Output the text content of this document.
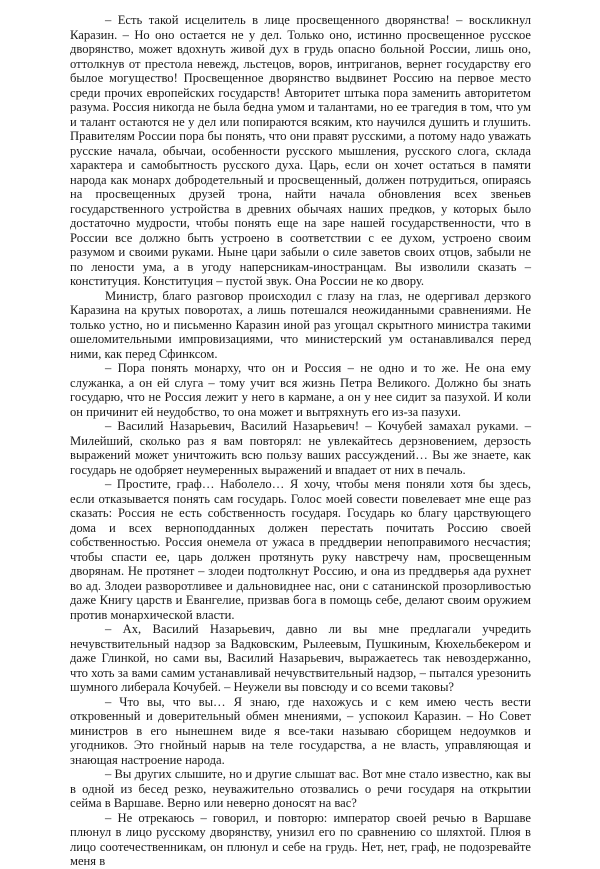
– Есть такой исцелитель в лице просвещенного дворянства! – воскликнул Каразин. – Но оно остается не у дел. Только оно, истинно просвещенное русское дворянство, может вдохнуть живой дух в грудь опасно больной России, лишь оно, оттолкнув от престола невежд, льстецов, воров, интриганов, вернет государству его былое могущество! Просвещенное дворянство выдвинет Россию на первое место среди прочих европейских государств! Авторитет штыка пора заменить авторитетом разума. Россия никогда не была бедна умом и талантами, но ее трагедия в том, что ум и талант остаются не у дел или попираются всяким, кто научился душить и глушить. Правителям России пора бы понять, что они правят русскими, а потому надо уважать русские начала, обычаи, особенности русского мышления, русского слога, склада характера и самобытность русского духа. Царь, если он хочет остаться в памяти народа как монарх добродетельный и просвещенный, должен потрудиться, опираясь на просвещенных друзей трона, найти начала обновления всех звеньев государственного устройства в древних обычаях наших предков, у которых было достаточно мудрости, чтобы понять еще на заре нашей государственности, что в России все должно быть устроено в соответствии с ее духом, устроено своим разумом и своими руками. Ныне цари забыли о силе заветов своих отцов, забыли не по лености ума, а в угоду наперсникам-иностранцам. Вы изволили сказать – конституция. Конституция – пустой звук. Она России не ко двору.

Министр, благо разговор происходил с глазу на глаз, не одергивал дерзкого Каразина на крутых поворотах, а лишь потешался неожиданными сравнениями. Не только устно, но и письменно Каразин иной раз угощал скрытного министра такими ошеломительными импровизациями, что министерский ум останавливался перед ними, как перед Сфинксом.

– Пора понять монарху, что он и Россия – не одно и то же. Не она ему служанка, а он ей слуга – тому учит вся жизнь Петра Великого. Должно бы знать государю, что не Россия лежит у него в кармане, а он у нее сидит за пазухой. И коли он причинит ей неудобство, то она может и вытряхнуть его из-за пазухи.

– Василий Назарьевич, Василий Назарьевич! – Кочубей замахал руками. – Милейший, сколько раз я вам повторял: не увлекайтесь дерзновением, дерзость выражений может уничтожить всю пользу ваших рассуждений… Вы же знаете, как государь не одобряет неумеренных выражений и впадает от них в печаль.

– Простите, граф… Наболело… Я хочу, чтобы меня поняли хотя бы здесь, если отказывается понять сам государь. Голос моей совести повелевает мне еще раз сказать: Россия не есть собственность государя. Государь ко благу царствующего дома и всех верноподданных должен перестать почитать Россию своей собственностью. Россия онемела от ужаса в преддверии непоправимого несчастия; чтобы спасти ее, царь должен протянуть руку навстречу нам, просвещенным дворянам. Не протянет – злодеи подтолкнут Россию, и она из преддверья ада рухнет во ад. Злодеи разворотливее и дальновиднее нас, они с сатанинской прозорливостью даже Книгу царств и Евангелие, призвав бога в помощь себе, делают своим оружием против монархической власти.

– Ах, Василий Назарьевич, давно ли вы мне предлагали учредить нечувствительный надзор за Вадковским, Рылеевым, Пушкиным, Кюхельбекером и даже Глинкой, но сами вы, Василий Назарьевич, выражаетесь так невоздержанно, что хоть за вами самим устанавливай нечувствительный надзор, – пытался урезонить шумного либерала Кочубей. – Неужели вы повсюду и со всеми таковы?

– Что вы, что вы… Я знаю, где нахожусь и с кем имею честь вести откровенный и доверительный обмен мнениями, – успокоил Каразин. – Но Совет министров в его нынешнем виде я все-таки называю сборищем недоумков и угодников. Это гнойный нарыв на теле государства, а не власть, управляющая и знающая настроение народа.

– Вы других слышите, но и другие слышат вас. Вот мне стало известно, как вы в одной из бесед резко, неуважительно отозвались о речи государя на открытии сейма в Варшаве. Верно или неверно доносят на вас?

– Не отрекаюсь – говорил, и повторю: император своей речью в Варшаве плюнул в лицо русскому дворянству, унизил его по сравнению со шляхтой. Плюя в лицо соотечественникам, он плюнул и себе на грудь. Нет, нет, граф, не подозревайте меня в
